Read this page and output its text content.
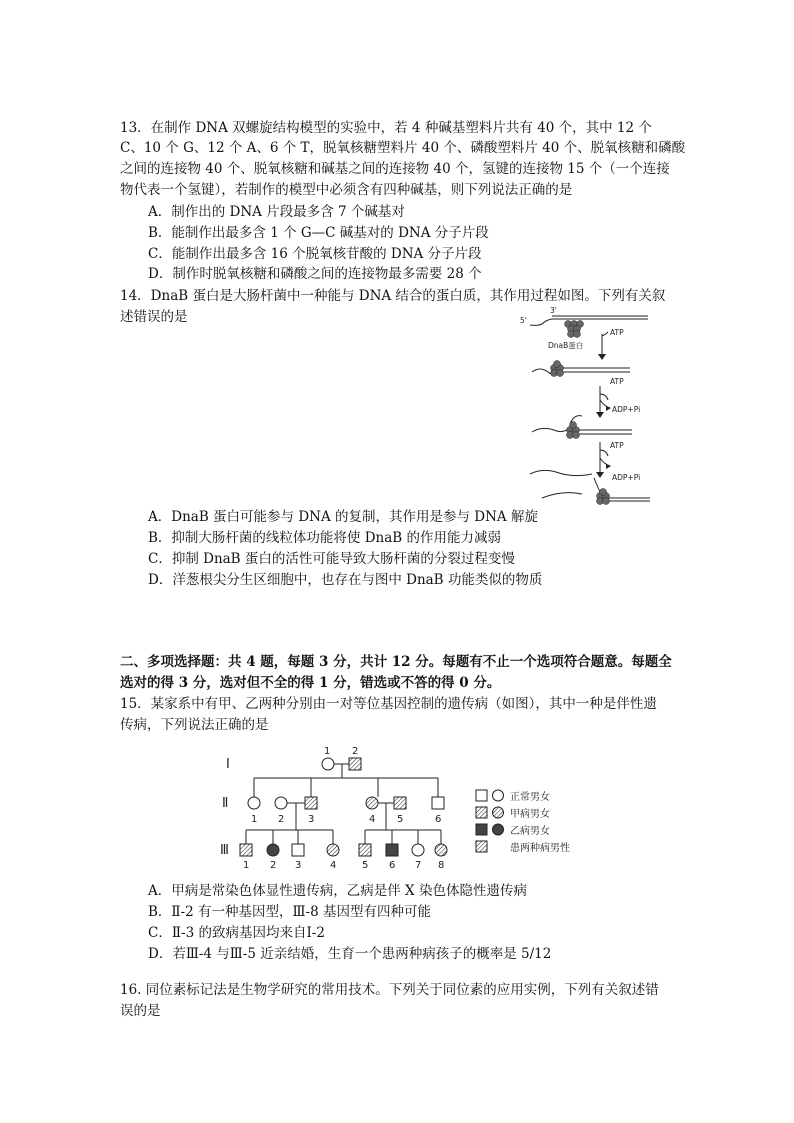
13．在制作 DNA 双螺旋结构模型的实验中，若 4 种碱基塑料片共有 40 个，其中 12 个
C、10 个 G、12 个 A、6 个 T，脱氧核糖塑料片 40 个、磷酸塑料片 40 个、脱氧核糖和磷酸
之间的连接物 40 个、脱氧核糖和碱基之间的连接物 40 个，氢键的连接物 15 个（一个连接
物代表一个氢键），若制作的模型中必须含有四种碱基，则下列说法正确的是
A．制作出的 DNA 片段最多含 7 个碱基对
B．能制作出最多含 1 个 G—C 碱基对的 DNA 分子片段
C．能制作出最多含 16 个脱氧核苷酸的 DNA 分子片段
D．制作时脱氧核糖和磷酸之间的连接物最多需要 28 个
14．DnaB 蛋白是大肠杆菌中一种能与 DNA 结合的蛋白质，其作用过程如图。下列有关叙
述错误的是	5'
3'
DnaB蛋白
ATP
ATP
ADP+Pi
ATP
ADP+Pi
A．DnaB 蛋白可能参与 DNA 的复制，其作用是参与 DNA 解旋
B．抑制大肠杆菌的线粒体功能将使 DnaB 的作用能力减弱
C．抑制 DnaB 蛋白的活性可能导致大肠杆菌的分裂过程变慢
D．洋葱根尖分生区细胞中，也存在与图中 DnaB 功能类似的物质
二、多项选择题：共 4 题，每题 3 分，共计 12 分。每题有不止一个选项符合题意。每题全
选对的得 3 分，选对但不全的得 1 分，错选或不答的得 0 分。
15．某家系中有甲、乙两种分别由一对等位基因控制的遗传病（如图），其中一种是伴性遗
传病，下列说法正确的是
Ⅰ
Ⅱ
Ⅲ
1 2
1 2 3	4 5	6
1 2 3	4	5 6 7 8
正常男女
甲病男女
乙病男女
患两种病男性
A．甲病是常染色体显性遗传病，乙病是伴 X 染色体隐性遗传病
B．Ⅱ-2 有一种基因型，Ⅲ-8 基因型有四种可能
C．Ⅱ-3 的致病基因均来自Ⅰ-2
D．若Ⅲ-4 与Ⅲ-5 近亲结婚，生育一个患两种病孩子的概率是 5/12
16. 同位素标记法是生物学研究的常用技术。下列关于同位素的应用实例，下列有关叙述错
误的是
